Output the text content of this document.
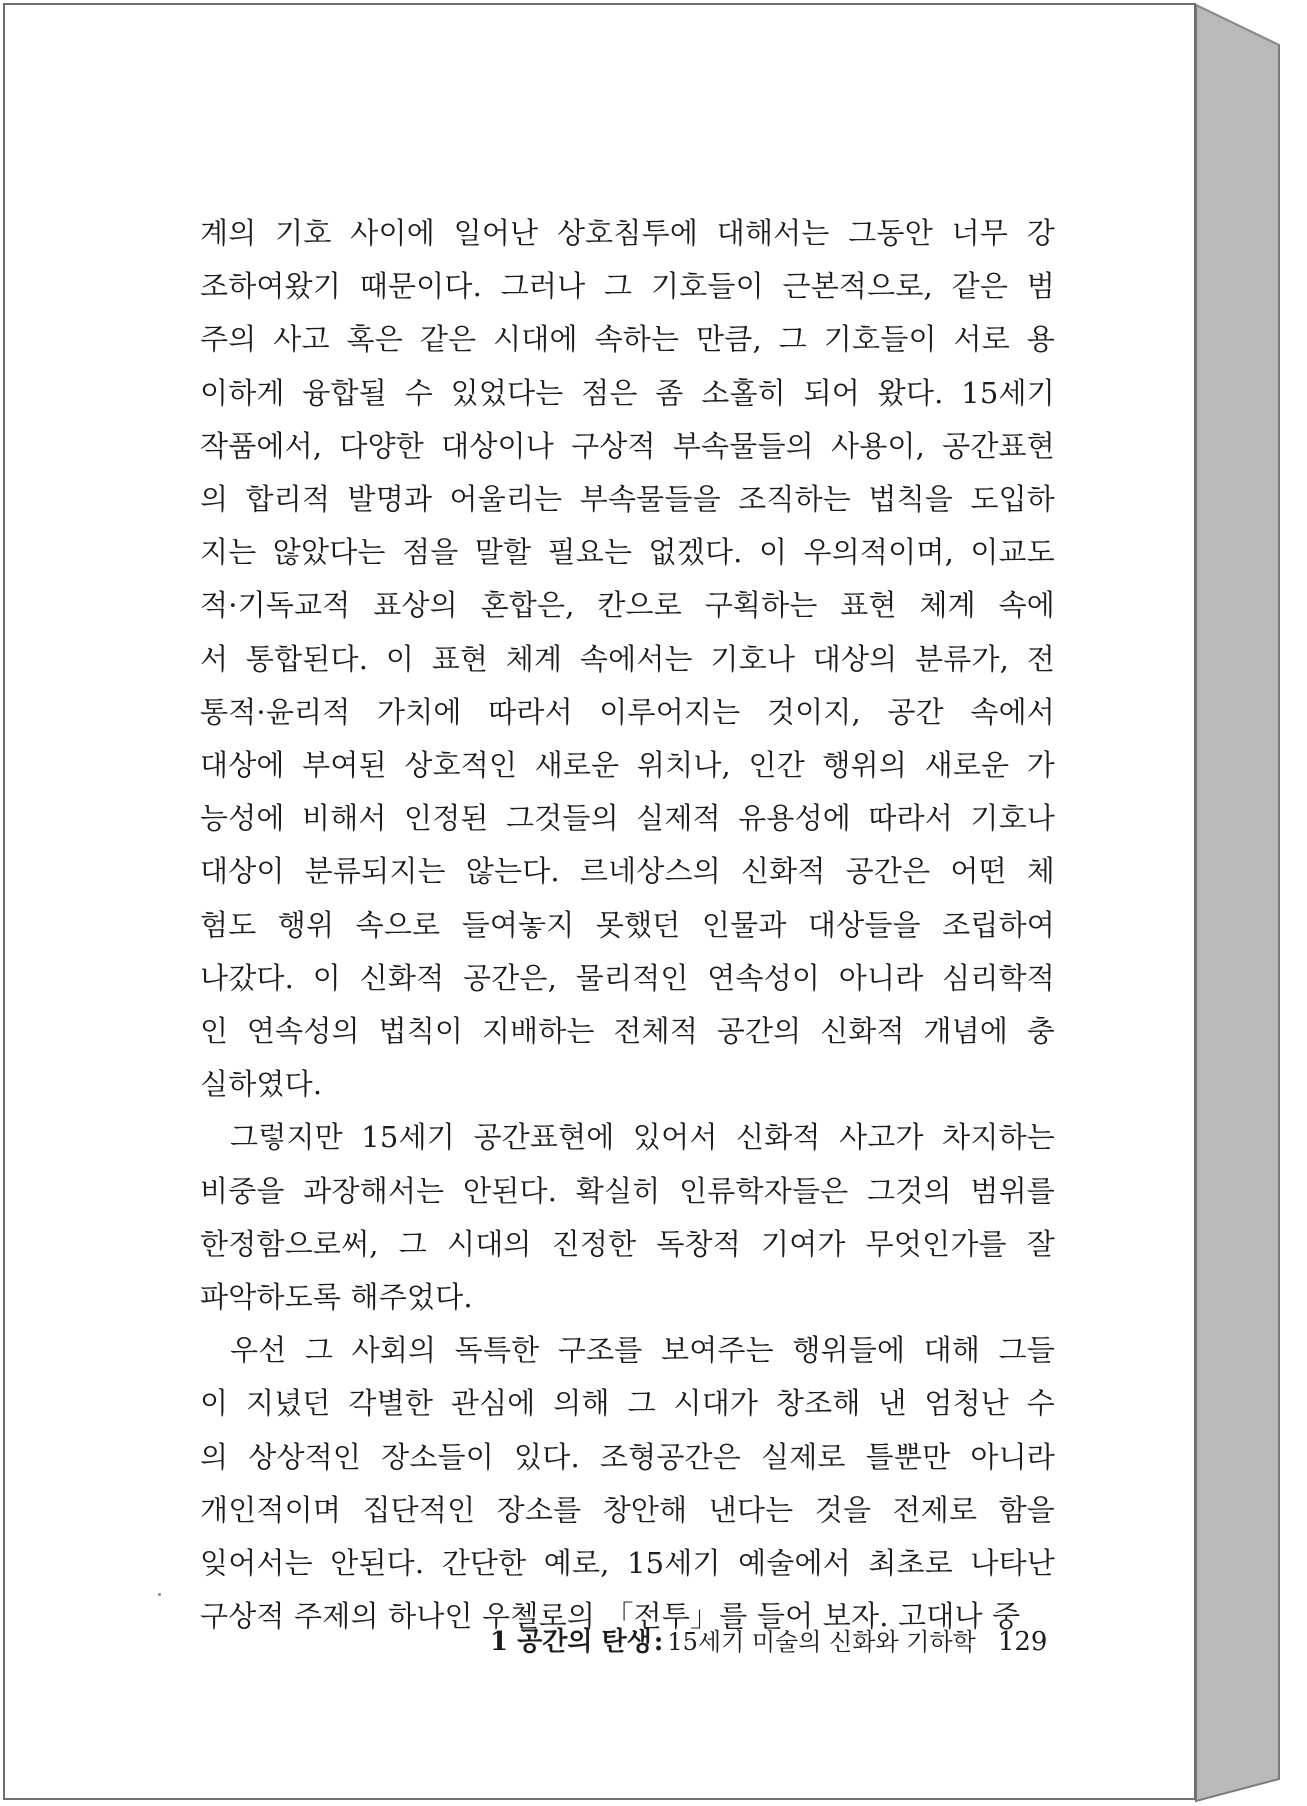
계의 기호 사이에 일어난 상호침투에 대해서는 그동안 너무 강

조하여왔기 때문이다. 그러나 그 기호들이 근본적으로, 같은 범

주의 사고 혹은 같은 시대에 속하는 만큼, 그 기호들이 서로 용

이하게 융합될 수 있었다는 점은 좀 소홀히 되어 왔다. 15세기

작품에서, 다양한 대상이나 구상적 부속물들의 사용이, 공간표현

의 합리적 발명과 어울리는 부속물들을 조직하는 법칙을 도입하

지는 않았다는 점을 말할 필요는 없겠다. 이 우의적이며, 이교도

적·기독교적 표상의 혼합은, 칸으로 구획하는 표현 체계 속에

서 통합된다. 이 표현 체계 속에서는 기호나 대상의 분류가, 전

통적·윤리적 가치에 따라서 이루어지는 것이지, 공간 속에서

대상에 부여된 상호적인 새로운 위치나, 인간 행위의 새로운 가

능성에 비해서 인정된 그것들의 실제적 유용성에 따라서 기호나

대상이 분류되지는 않는다. 르네상스의 신화적 공간은 어떤 체

험도 행위 속으로 들여놓지 못했던 인물과 대상들을 조립하여

나갔다. 이 신화적 공간은, 물리적인 연속성이 아니라 심리학적

인 연속성의 법칙이 지배하는 전체적 공간의 신화적 개념에 충

실하였다.

그렇지만 15세기 공간표현에 있어서 신화적 사고가 차지하는

비중을 과장해서는 안된다. 확실히 인류학자들은 그것의 범위를

한정함으로써, 그 시대의 진정한 독창적 기여가 무엇인가를 잘

파악하도록 해주었다.

우선 그 사회의 독특한 구조를 보여주는 행위들에 대해 그들

이 지녔던 각별한 관심에 의해 그 시대가 창조해 낸 엄청난 수

의 상상적인 장소들이 있다. 조형공간은 실제로 틀뿐만 아니라

개인적이며 집단적인 장소를 창안해 낸다는 것을 전제로 함을

잊어서는 안된다. 간단한 예로, 15세기 예술에서 최초로 나타난

구상적 주제의 하나인 우첼로의 「전투」를 들어 보자. 고대나 중

1 공간의 탄생: 15세기 미술의 신화와 기하학 129
